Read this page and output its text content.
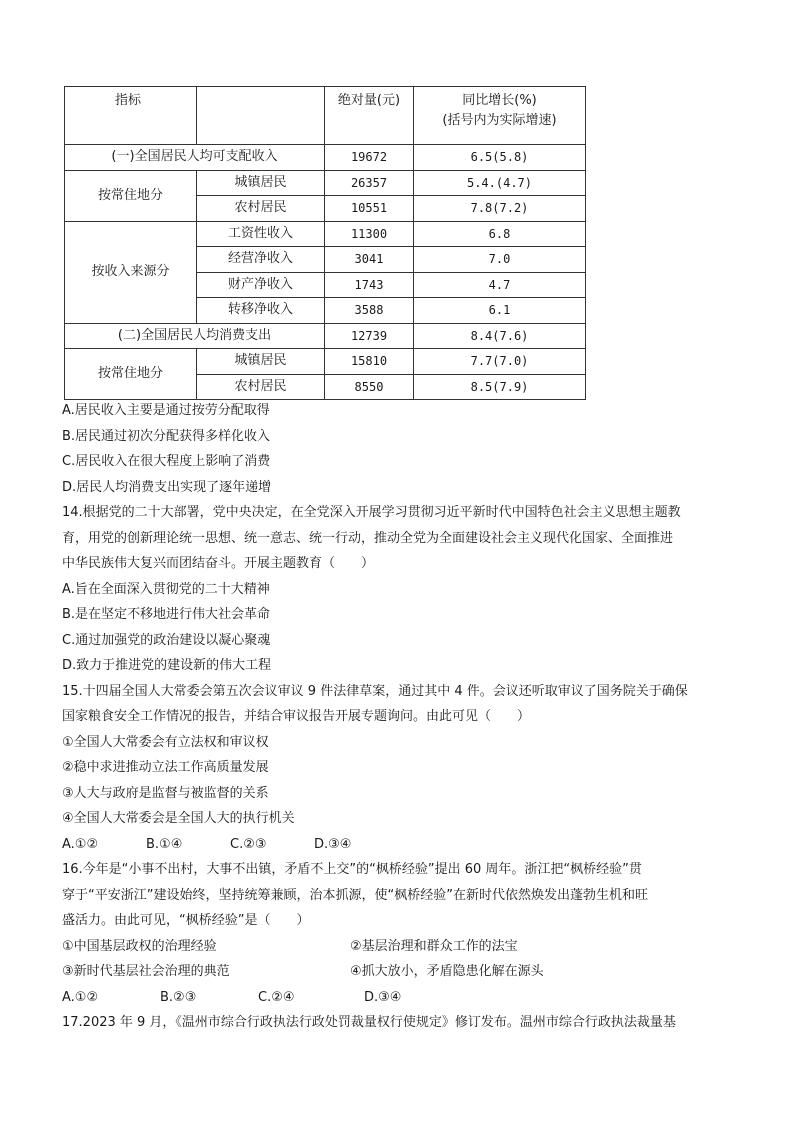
指标		绝对量(元)	同比增长(%)
(括号内为实际增速)

(一)全国居民人均可支配收入		19672	6.5(5.8)
按常住地分	城镇居民	26357	5.4.(4.7)
	农村居民	10551	7.8(7.2)
按收入来源分	工资性收入	11300	6.8
	经营净收入	3041	7.0
	财产净收入	1743	4.7
	转移净收入	3588	6.1
(二)全国居民人均消费支出		12739	8.4(7.6)
按常住地分	城镇居民	15810	7.7(7.0)
	农村居民	8550	8.5(7.9)
A.居民收入主要是通过按劳分配取得
B.居民通过初次分配获得多样化收入
C.居民收入在很大程度上影响了消费
D.居民人均消费支出实现了逐年递增
14.根据党的二十大部署，党中央决定，在全党深入开展学习贯彻习近平新时代中国特色社会主义思想主题教
育，用党的创新理论统一思想、统一意志、统一行动，推动全党为全面建设社会主义现代化国家、全面推进
中华民族伟大复兴而团结奋斗。开展主题教育（　　）
A.旨在全面深入贯彻党的二十大精神
B.是在坚定不移地进行伟大社会革命
C.通过加强党的政治建设以凝心聚魂
D.致力于推进党的建设新的伟大工程
15.十四届全国人大常委会第五次会议审议 9 件法律草案，通过其中 4 件。会议还听取审议了国务院关于确保
国家粮食安全工作情况的报告，并结合审议报告开展专题询问。由此可见（　　）
①全国人大常委会有立法权和审议权
②稳中求进推动立法工作高质量发展
③人大与政府是监督与被监督的关系
④全国人大常委会是全国人大的执行机关
A.①②	B.①④	C.②③	D.③④
16.今年是“小事不出村，大事不出镇，矛盾不上交”的“枫桥经验”提出 60 周年。浙江把“枫桥经验”贯
穿于“平安浙江”建设始终，坚持统筹兼顾，治本抓源，使“枫桥经验”在新时代依然焕发出蓬勃生机和旺
盛活力。由此可见，“枫桥经验”是（　　）
①中国基层政权的治理经验	②基层治理和群众工作的法宝
③新时代基层社会治理的典范	④抓大放小，矛盾隐患化解在源头
A.①②	B.②③	C.②④	D.③④
17.2023 年 9 月，《温州市综合行政执法行政处罚裁量权行使规定》修订发布。温州市综合行政执法裁量基
